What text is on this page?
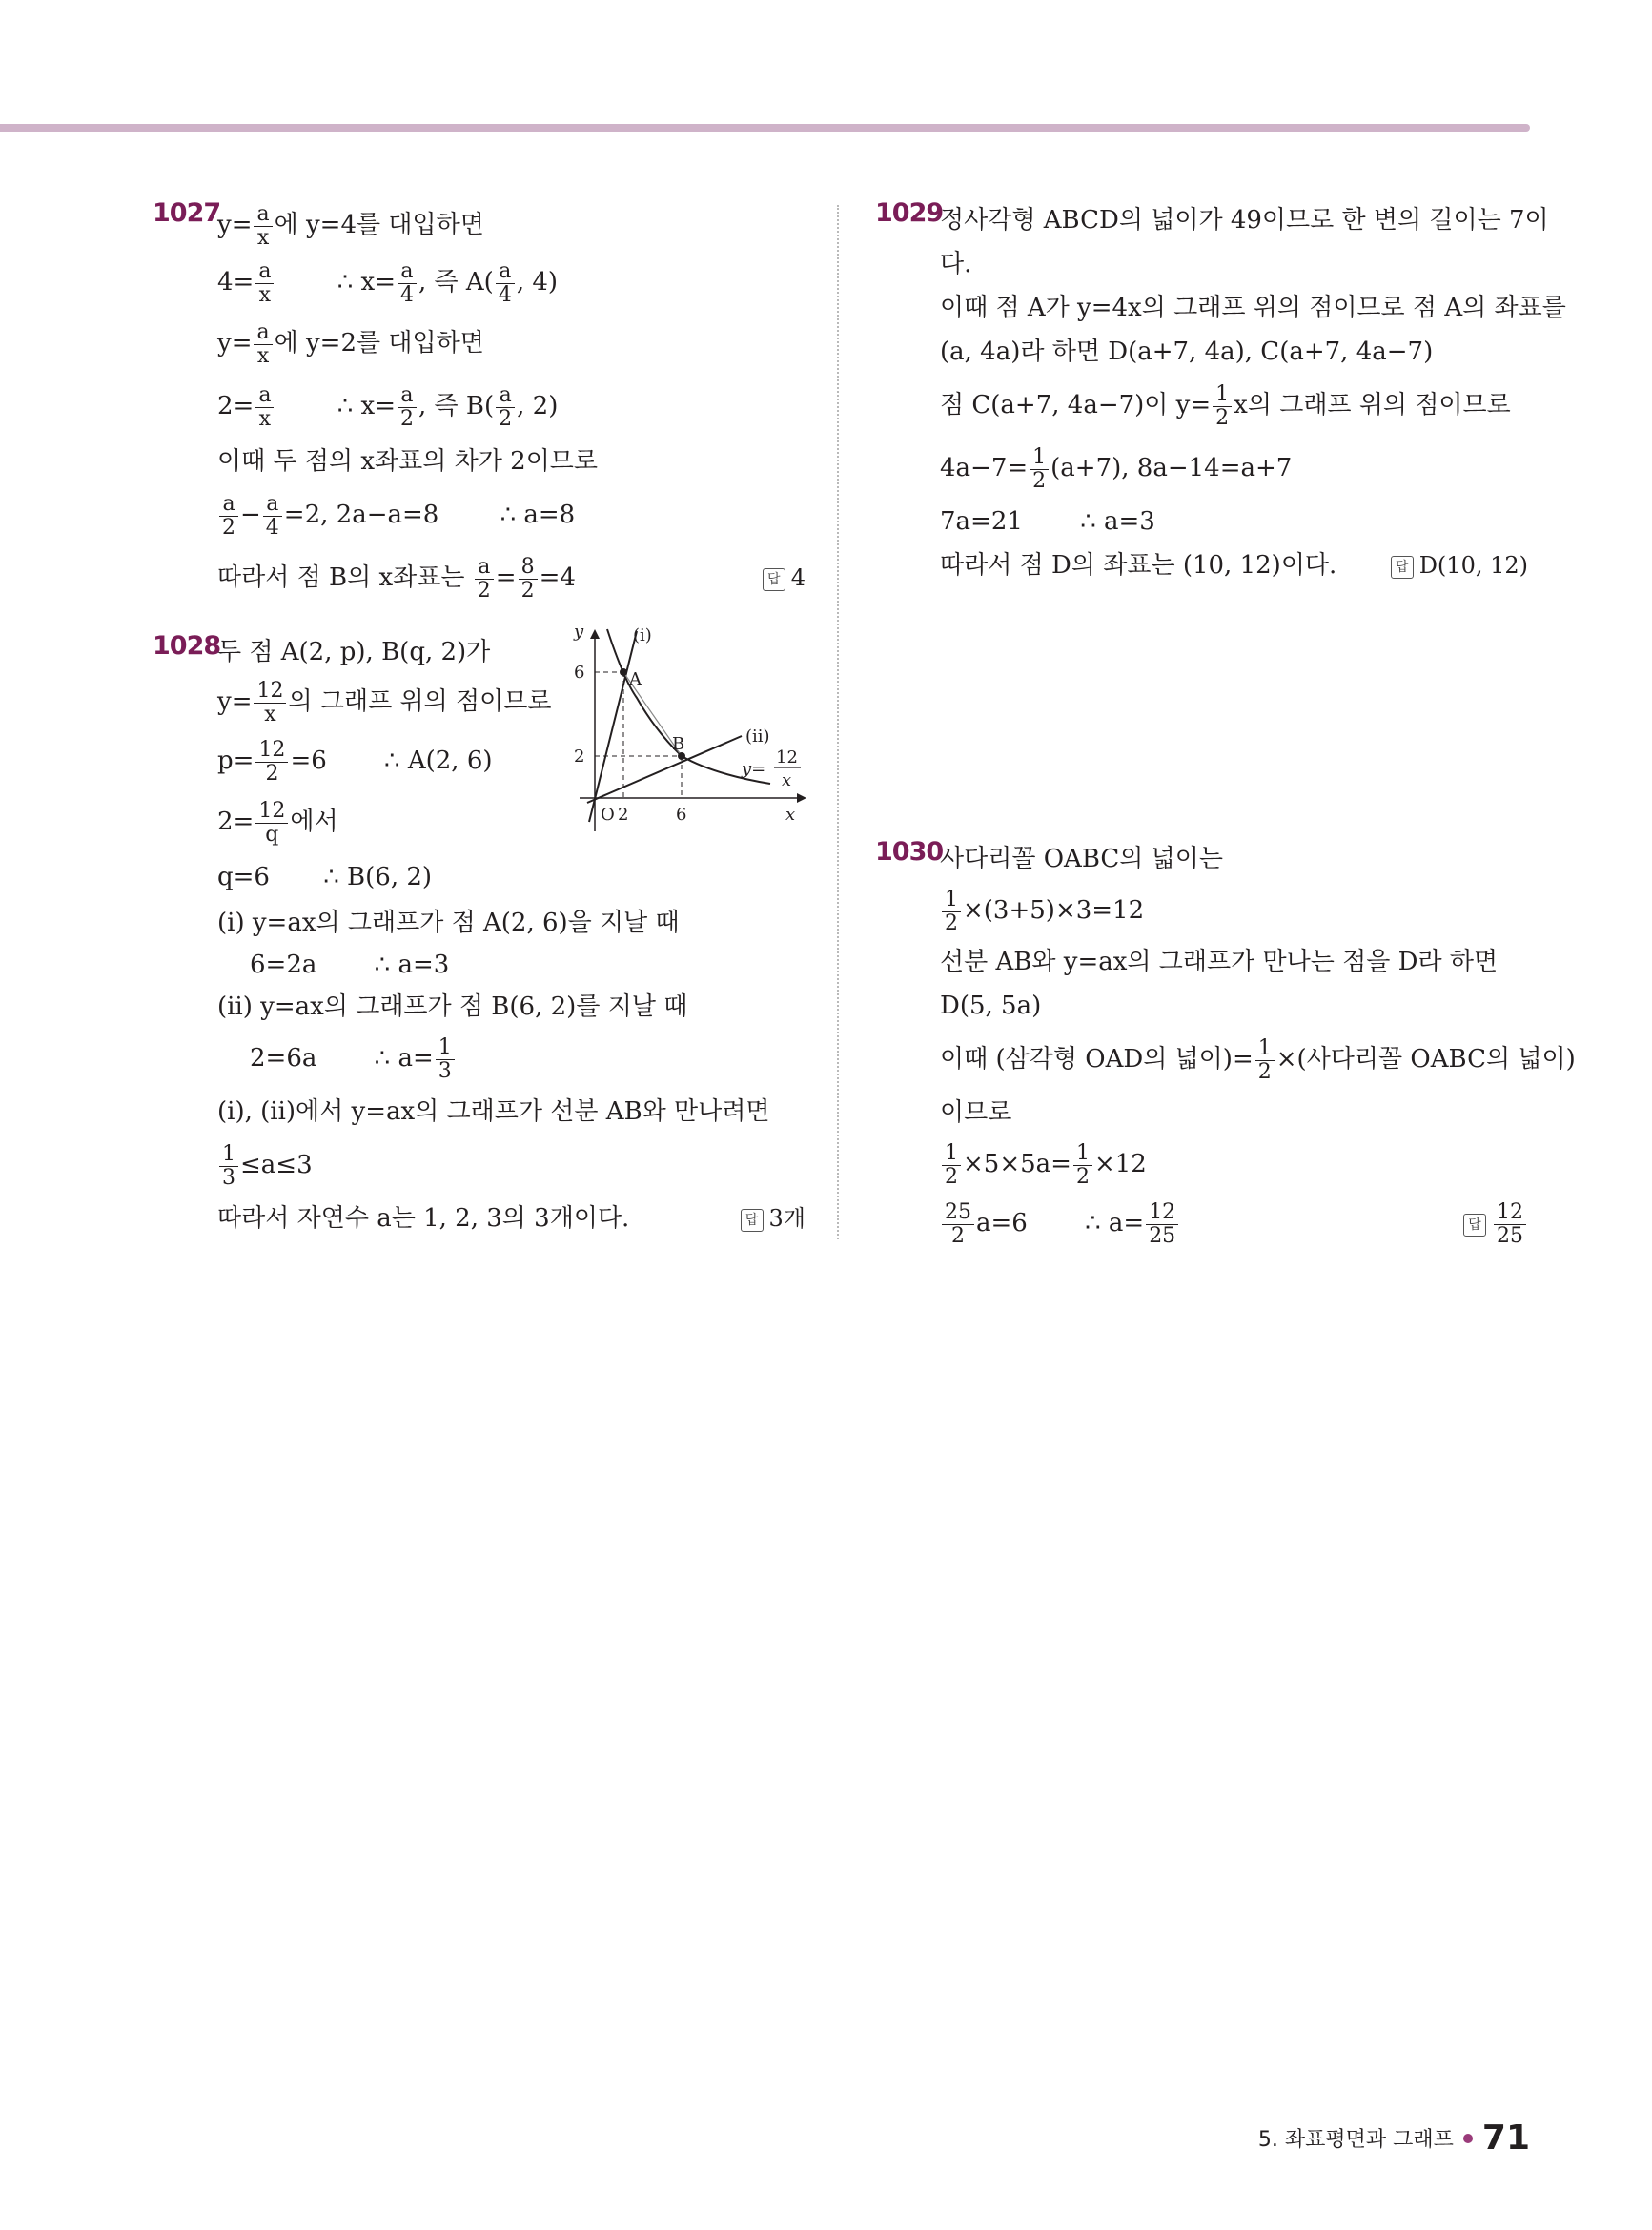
1027
$y= \frac{a}{x}$ 에 y=4를 대입하면
$4= \frac{a}{x}$	∴ $x= \frac{a}{4}$ , 즉 $A( \frac{a}{4}$ , 4)
$y= \frac{a}{x}$ 에 y=2를 대입하면
$2= \frac{a}{x}$	∴ $x= \frac{a}{2}$ , 즉 $B( \frac{a}{2}$ , 2)
이때 두 점의 x좌표의 차가 2이므로
$\frac{a}{2} - \frac{a}{4} =2$, 2a−a=8 ∴ a=8
따라서 점 B의 x좌표는 $\frac{a}{2} = \frac{8}{2} =4$	답 4
1028
두 점 A(2, p), B(q, 2)가
$y= \frac{12}{x}$ 의 그래프 위의 점이므로
$p= \frac{12}{2} =6$ ∴ A(2, 6)
$2= \frac{12}{q}$ 에서
q=6 ∴ B(6, 2)
(ⅰ) y=ax의 그래프가 점 A(2, 6)을 지날 때
6=2a ∴ a=3
(ⅱ) y=ax의 그래프가 점 B(6, 2)를 지날 때
2=6a ∴ $a= \frac{1}{3}$
(ⅰ), (ⅱ)에서 y=ax의 그래프가 선분 AB와 만나려면
$\frac{1}{3} \le a\le 3$
따라서 자연수 a는 1, 2, 3의 3개이다.	답 3개
y
x
O
6
2
2	6
A
B
(ⅰ)
(ⅱ)
y=
12
x
1029
정사각형 ABCD의 넓이가 49이므로 한 변의 길이는 7이
다.
이때 점 A가 y=4x의 그래프 위의 점이므로 점 A의 좌표를
(a, 4a)라 하면 D(a+7, 4a), C(a+7, 4a−7)
점 C(a+7, 4a−7)이 $y= \frac{1}{2}$ x의 그래프 위의 점이므로
$4a-7= \frac{1}{2} (a+7)$, 8a−14=a+7
7a=21 ∴ a=3
따라서 점 D의 좌표는 (10, 12)이다.	답 D(10, 12)
1030
사다리꼴 OABC의 넓이는
$\frac{1}{2} \times(3+5)\times 3=12$
선분 AB와 y=ax의 그래프가 만나는 점을 D라 하면
D(5, 5a)
이때 (삼각형 OAD의 넓이)= $\frac{1}{2}$ ×(사다리꼴 OABC의 넓이)
이므로
$\frac{1}{2} \times 5\times 5a= \frac{1}{2} \times 12$
$\frac{25}{2} a=6$ ∴ $a= \frac{12}{25}$	답 $\frac{12}{25}$
5. 좌표평면과 그래프 71
